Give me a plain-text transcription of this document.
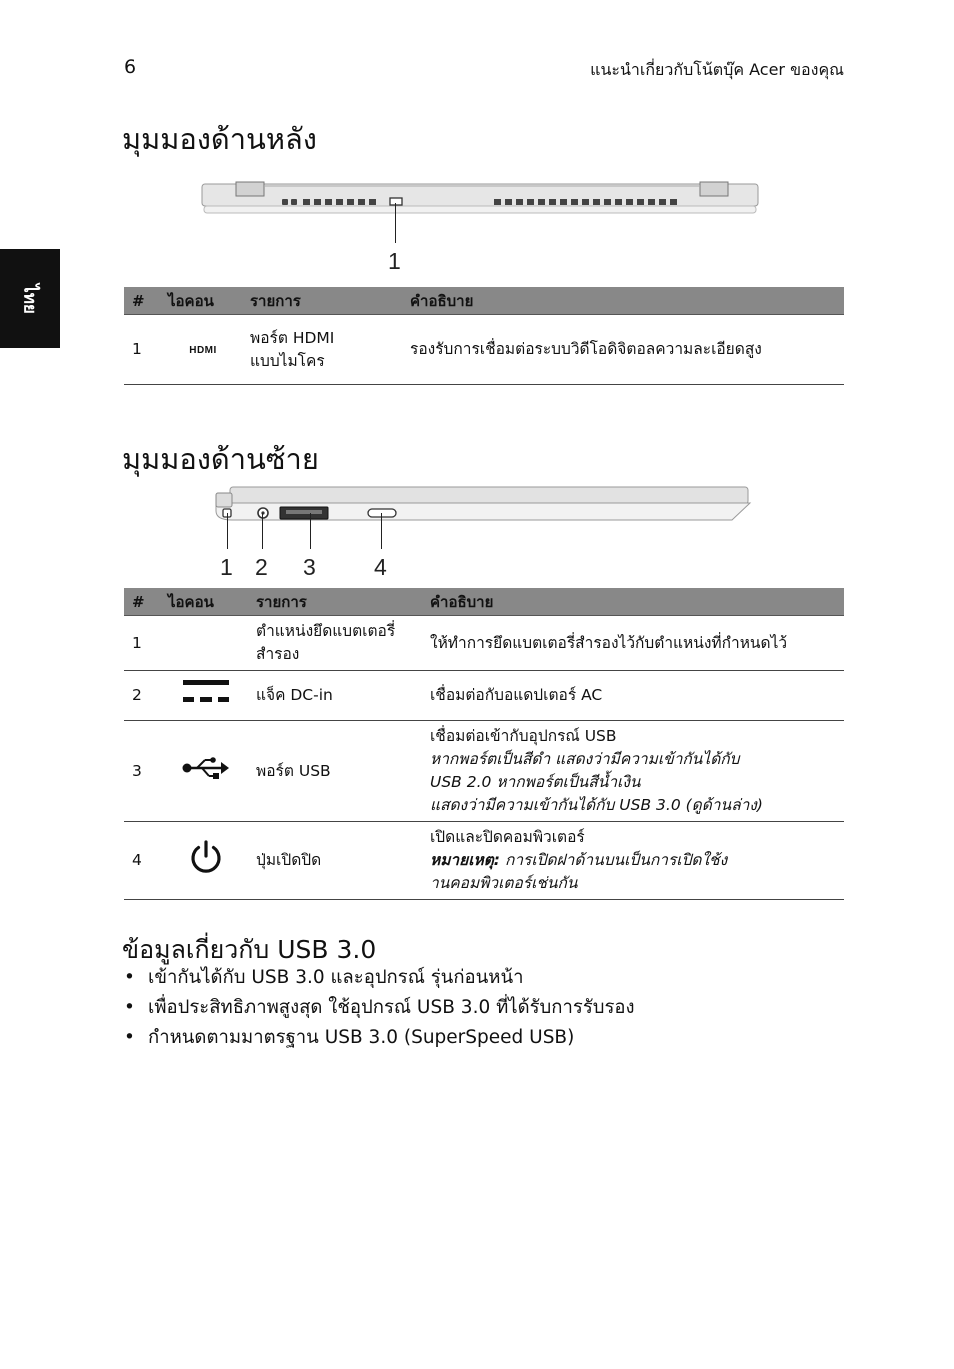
6	แนะนำเกี่ยวกับโน้ตบุ๊ค Acer ของคุณ
ไทย
มุมมองด้านหลัง
1
#	ไอคอน	รายการ	คำอธิบาย
1	HDMI	พอร์ต HDMI
แบบไมโคร	รองรับการเชื่อมต่อระบบวิดีโอดิจิตอลความละเอียดสูง
มุมมองด้านซ้าย
1 2 3	4
#	ไอคอน	รายการ	คำอธิบาย
1		ตำแหน่งยึดแบตเตอรี่
สำรอง	ให้ทำการยึดแบตเตอรี่สำรองไว้กับตำแหน่งที่กำหนดไว้
2		แจ็ค DC-in	เชื่อมต่อกับอแดปเตอร์ AC
3		พอร์ต USB	เชื่อมต่อเข้ากับอุปกรณ์ USB
หากพอร์ตเป็นสีดำ แสดงว่ามีความเข้ากันได้กับ
USB 2.0 หากพอร์ตเป็นสีน้ำเงิน
แสดงว่ามีความเข้ากันได้กับ USB 3.0 (ดูด้านล่าง)

4		ปุ่มเปิดปิด	เปิดและปิดคอมพิวเตอร์
หมายเหตุ: การเปิดฝาด้านบนเป็นการเปิดใช้ง
านคอมพิวเตอร์เช่นกัน
ข้อมูลเกี่ยวกับ USB 3.0
• เข้ากันได้กับ USB 3.0 และอุปกรณ์ รุ่นก่อนหน้า
• เพื่อประสิทธิภาพสูงสุด ใช้อุปกรณ์ USB 3.0 ที่ได้รับการรับรอง
• กำหนดตามมาตรฐาน USB 3.0 (SuperSpeed USB)
